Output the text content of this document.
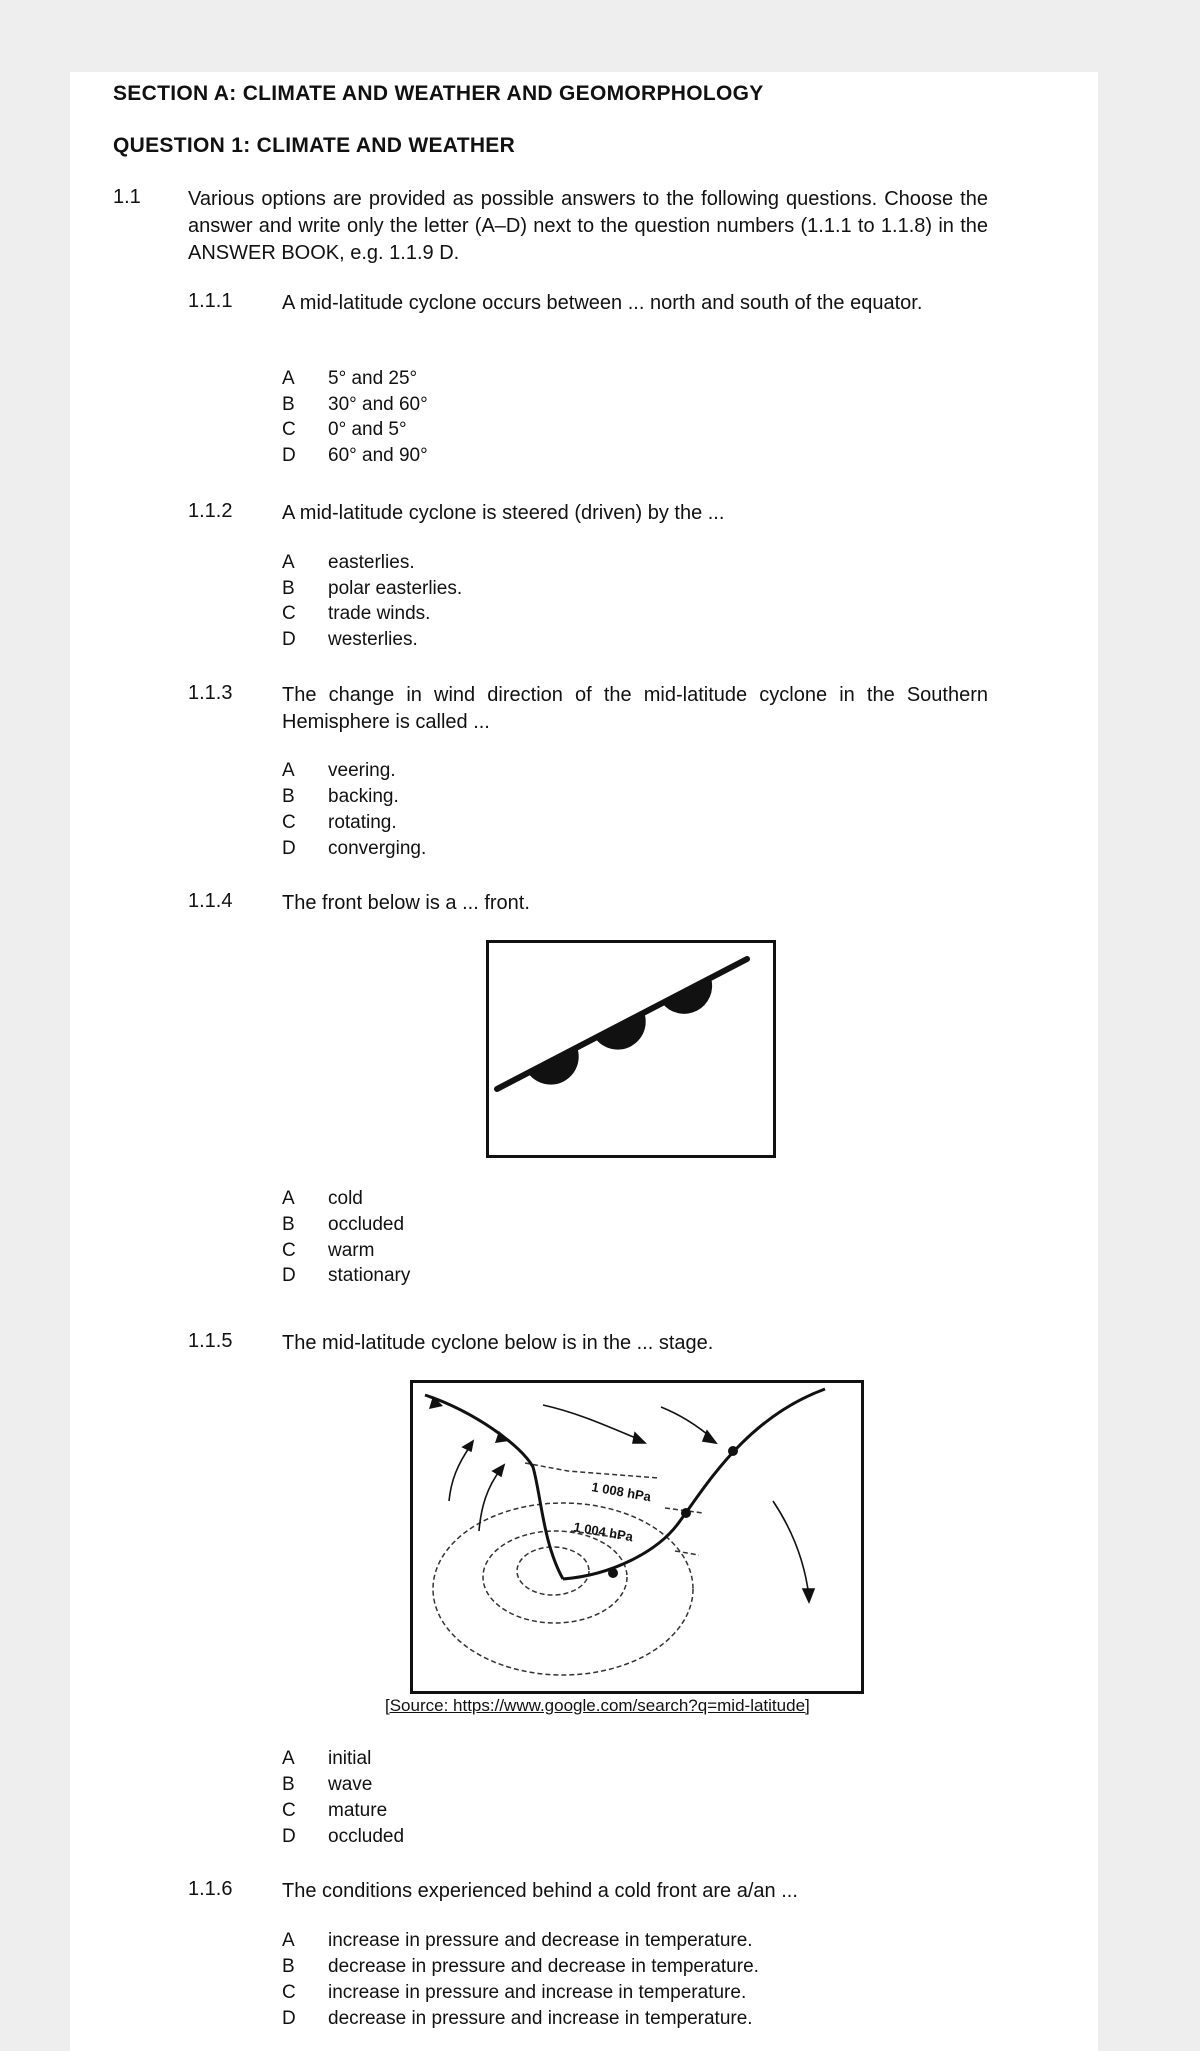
SECTION A: CLIMATE AND WEATHER AND GEOMORPHOLOGY
QUESTION 1: CLIMATE AND WEATHER
1.1 Various options are provided as possible answers to the following questions. Choose the answer and write only the letter (A–D) next to the question numbers (1.1.1 to 1.1.8) in the ANSWER BOOK, e.g. 1.1.9 D.
1.1.1 A mid-latitude cyclone occurs between ... north and south of the equator.
A 5° and 25°
B 30° and 60°
C 0° and 5°
D 60° and 90°
1.1.2 A mid-latitude cyclone is steered (driven) by the ...
A easterlies.
B polar easterlies.
C trade winds.
D westerlies.
1.1.3 The change in wind direction of the mid-latitude cyclone in the Southern Hemisphere is called ...
A veering.
B backing.
C rotating.
D converging.
1.1.4 The front below is a ... front.
A cold
B occluded
C warm
D stationary
1.1.5 The mid-latitude cyclone below is in the ... stage.
1 008 hPa
1 004 hPa
[Source: https://www.google.com/search?q=mid-latitude]
A initial
B wave
C mature
D occluded
1.1.6 The conditions experienced behind a cold front are a/an ...
A increase in pressure and decrease in temperature.
B decrease in pressure and decrease in temperature.
C increase in pressure and increase in temperature.
D decrease in pressure and increase in temperature.
